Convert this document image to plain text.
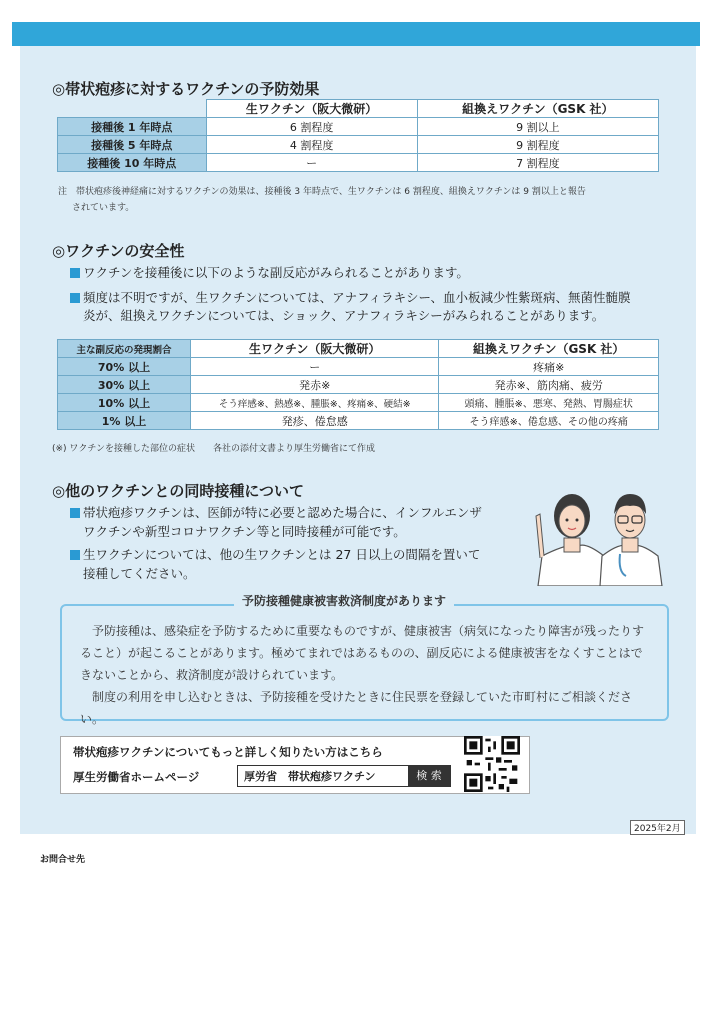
◎帯状疱疹に対するワクチンの予防効果
	生ワクチン（阪大微研）	組換えワクチン（GSK 社）
接種後 1 年時点	6 割程度	9 割以上
接種後 5 年時点	4 割程度	9 割程度
接種後 10 年時点	ー	7 割程度
注　帯状疱疹後神経痛に対するワクチンの効果は、接種後 3 年時点で、生ワクチンは 6 割程度、組換えワクチンは 9 割以上と報告
されています。
◎ワクチンの安全性
ワクチンを接種後に以下のような副反応がみられることがあります。
頻度は不明ですが、生ワクチンについては、アナフィラキシー、血小板減少性紫斑病、無菌性髄膜
炎が、組換えワクチンについては、ショック、アナフィラキシーがみられることがあります。
主な副反応の発現割合	生ワクチン（阪大微研）	組換えワクチン（GSK 社）
70% 以上	ー	疼痛※
30% 以上	発赤※	発赤※、筋肉痛、疲労
10% 以上	そう痒感※、熱感※、腫脹※、疼痛※、硬結※	頭痛、腫脹※、悪寒、発熱、胃腸症状
1% 以上	発疹、倦怠感	そう痒感※、倦怠感、その他の疼痛
(※) ワクチンを接種した部位の症状　　各社の添付文書より厚生労働省にて作成
◎他のワクチンとの同時接種について
帯状疱疹ワクチンは、医師が特に必要と認めた場合に、インフルエンザ
ワクチンや新型コロナワクチン等と同時接種が可能です。
生ワクチンについては、他の生ワクチンとは 27 日以上の間隔を置いて
接種してください。
予防接種健康被害救済制度があります
予防接種は、感染症を予防するために重要なものですが、健康被害（病気になったり障害が残ったりすること）が起こることがあります。極めてまれではあるものの、副反応による健康被害をなくすことはできないことから、救済制度が設けられています。
制度の利用を申し込むときは、予防接種を受けたときに住民票を登録していた市町村にご相談ください。
帯状疱疹ワクチンについてもっと詳しく知りたい方はこちら
厚生労働省ホームページ	厚労省　帯状疱疹ワクチン	検 索
2025年2月
お問合せ先
